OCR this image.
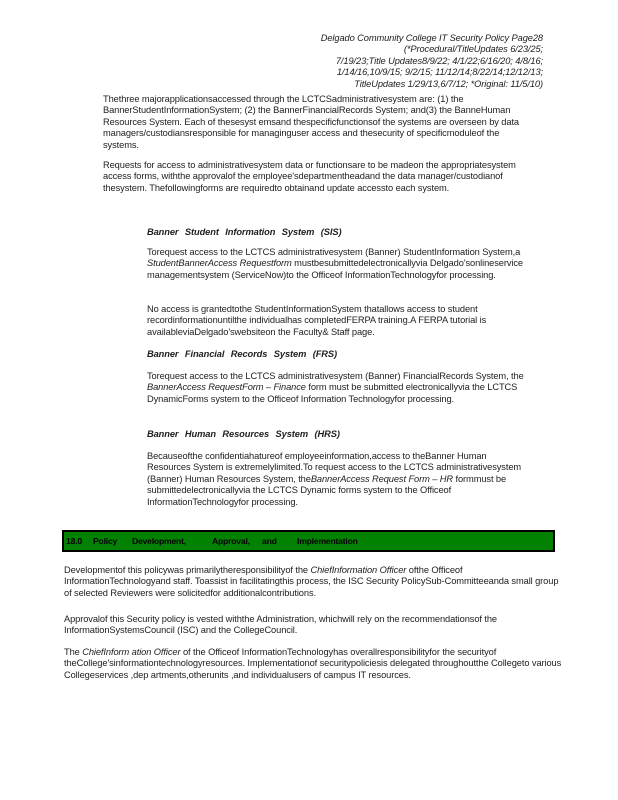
Delgado Community College IT Security Policy Page28
(*Procedural/TitleUpdates 6/23/25;
7/19/23;Title Updates8/9/22; 4/1/22;6/16/20; 4/8/16;
1/14/16,10/9/15; 9/2/15; 11/12/14;8/22/14;12/12/13;
TitleUpdates 1/29/13,6/7/12; *Original: 11/5/10)
Thethree majorapplicationsaccessed through the LCTCSadministrativesystem are: (1) the BannerStudentInformationSystem; (2) the BannerFinancialRecords System; and(3) the BanneHuman Resources System. Each of thesesyst emsand thespecificfunctionsof the systems are overseen by data managers/custodiansresponsible for managinguser access and thesecurity of specificmoduleof the systems.
Requests for access to administrativesystem data or functionsare to be madeon the appropriatesystem access forms, withthe approvalof the employee'sdepartmentheadand the data manager/custodianof thesystem. Thefollowingforms are requiredto obtainand update accessto each system.
Banner Student Information System (SIS)
Torequest access to the LCTCS administrativesystem (Banner) StudentInformation System,a StudentBannerAccess Requestform mustbesubmittedelectronicallyvia Delgado'sonlineservice managementsystem (ServiceNow)to the Officeof InformationTechnologyfor processing.
No access is grantedtothe StudentInformationSystem thatallows access to student recordinformationuntilthe individualhas completedFERPA training.A FERPA tutorial is availableviaDelgado'swebsiteon the Faculty& Staff page.
Banner Financial Records System (FRS)
Torequest access to the LCTCS administrativesystem (Banner) FinancialRecords System, the BannerAccess RequestForm – Finance form must be submitted electronicallyvia the LCTCS DynamicForms system to the Officeof Information Technologyfor processing.
Banner Human Resources System (HRS)
Becauseofthe confidentiahatureof employeeinformation,access to theBanner Human Resources System is extremelylimited.To request access to the LCTCS administrativesystem (Banner) Human Resources System, theBannerAccess Request Form – HR formmust be submittedelectronicallyvia the LCTCS Dynamic forms system to the Officeof InformationTechnologyfor processing.
18.0 Policy Development,	Approval, and Implementation
Developmentof this policywas primarilytheresponsibilityof the ChiefInformation Officer ofthe Officeof InformationTechnologyand staff. Toassist in facilitatingthis process, the ISC Security PolicySub-Committeeanda small group of selected Reviewers were solicitedfor additionalcontributions.
Approvalof this Security policy is vested withthe Administration, whichwill rely on the recommendationsof the InformationSystemsCouncil (ISC) and the CollegeCouncil.
The ChiefInform ation Officer of the Officeof InformationTechnologyhas overallresponsibilityfor the securityof theCollege'sinformationtechnologyresources. Implementationof securitypoliciesis delegated throughoutthe Collegeto various Collegeservices ,dep artments,otherunits ,and individualusers of campus IT resources.
